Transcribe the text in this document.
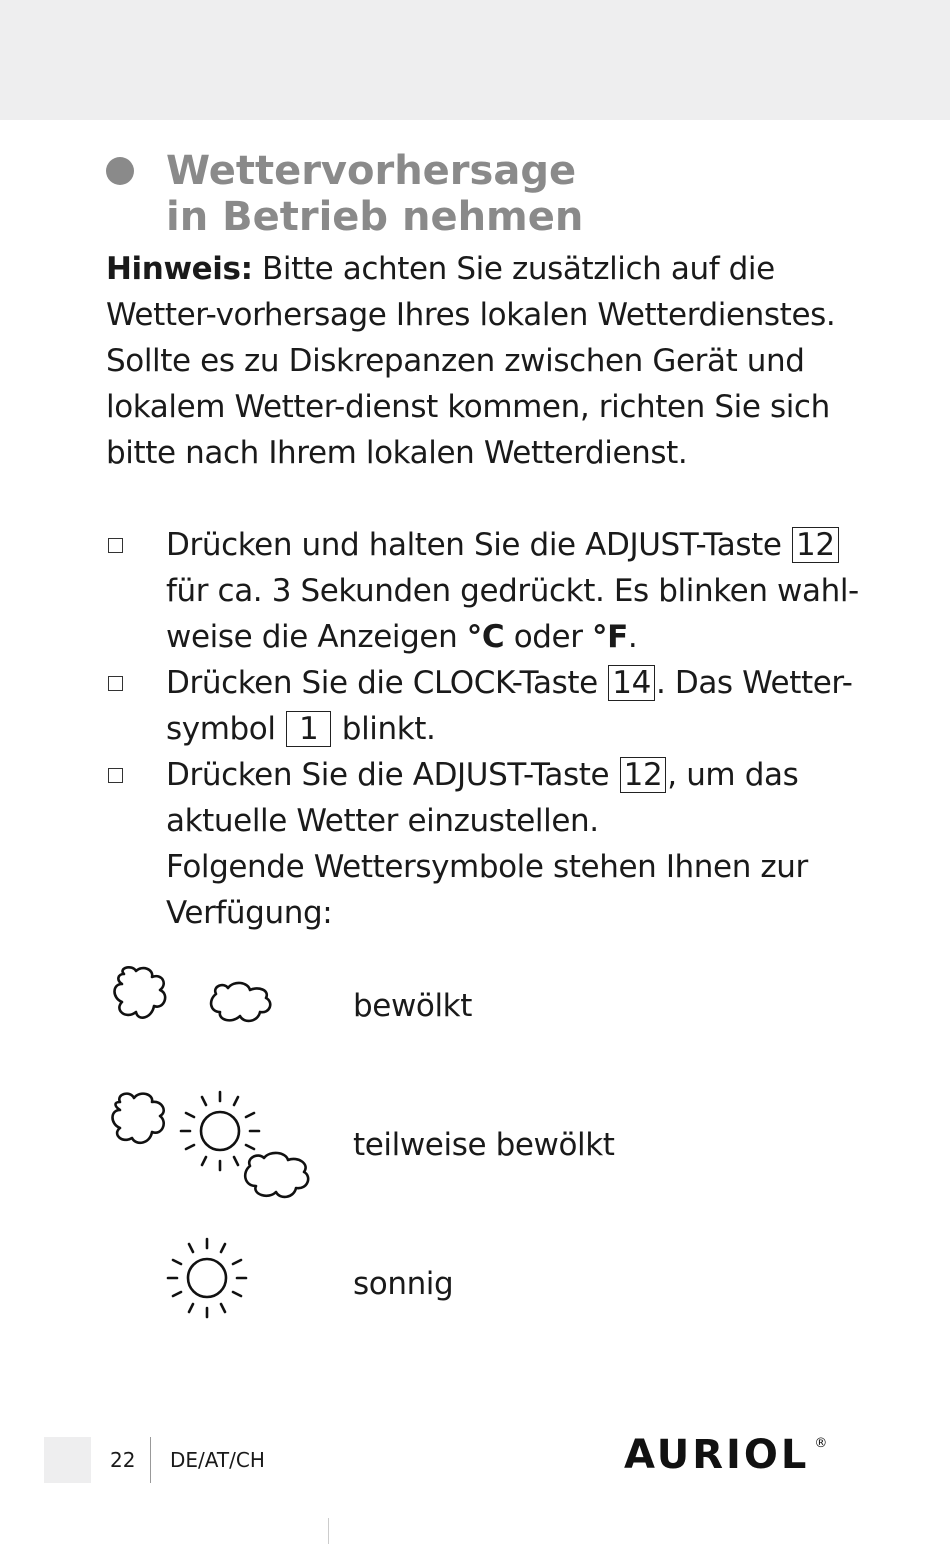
Wettervorhersage
in Betrieb nehmen

Hinweis: Bitte achten Sie zusätzlich auf die Wetter-vorhersage Ihres lokalen Wetterdienstes. Sollte es zu Diskrepanzen zwischen Gerät und lokalem Wetter-dienst kommen, richten Sie sich bitte nach Ihrem lokalen Wetterdienst.

Drücken und halten Sie die ADJUST-Taste 12 für ca. 3 Sekunden gedrückt. Es blinken wahl-weise die Anzeigen °C oder °F.

Drücken Sie die CLOCK-Taste 14 . Das Wetter-symbol 1 blinkt.

Drücken Sie die ADJUST-Taste 12 , um das aktuelle Wetter einzustellen.
Folgende Wettersymbole stehen Ihnen zur Verfügung:

bewölkt

teilweise bewölkt

sonnig

22 DE/AT/CH	AURIOL ®
